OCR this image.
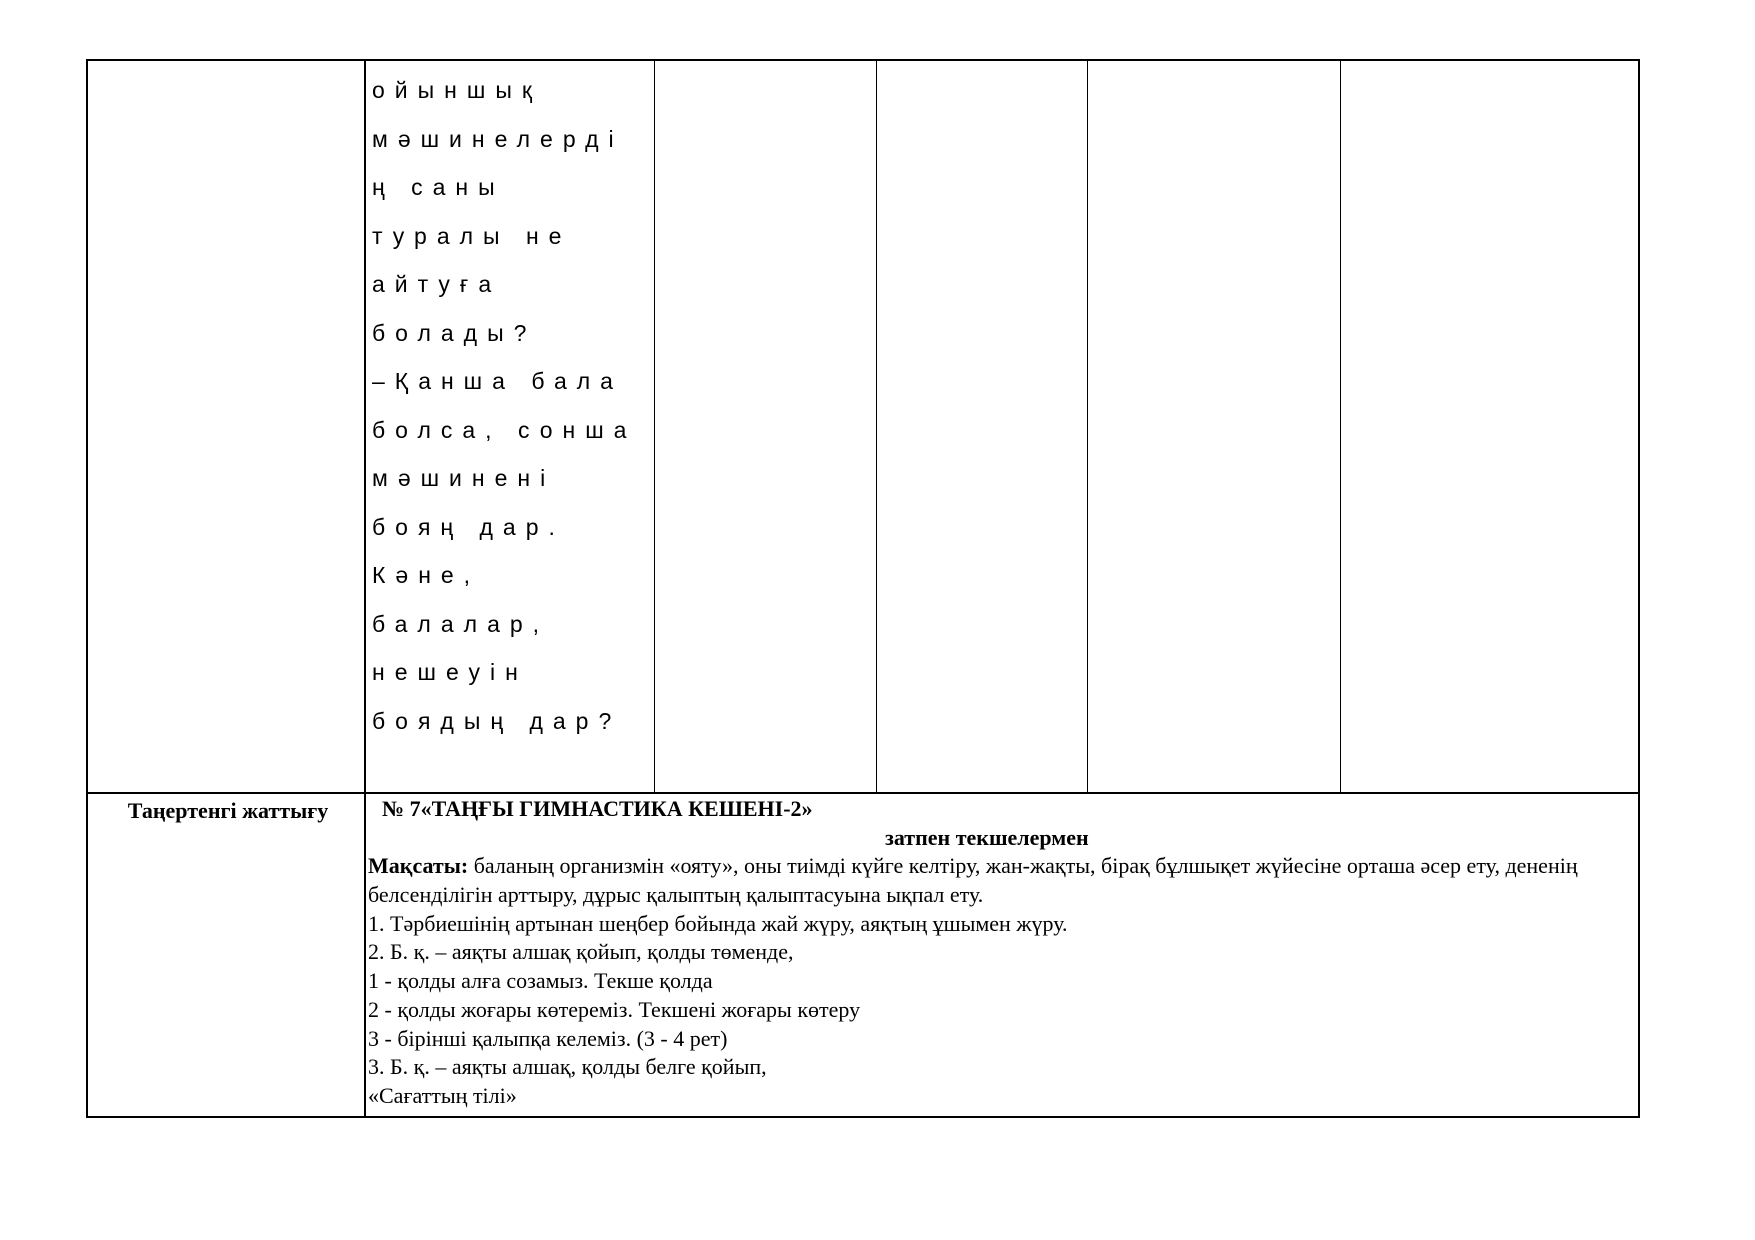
ойыншық
мәшинелерді
ң саны
туралы не
айтуға
болады?
–Қанша бала
болса, сонша
мәшинені
бояң дар.
Кәне,
балалар,
нешеуін
боядың дар?
Таңертенгі жаттығу	№ 7«ТАҢҒЫ ГИМНАСТИКА КЕШЕНІ-2»
затпен текшелермен
Мақсаты: баланың организмін «ояту», оны тиімді күйге келтіру, жан-жақты, бірақ бұлшықет жүйесіне орташа әсер ету, дененің белсенділігін арттыру, дұрыс қалыптың қалыптасуына ықпал ету.
1. Тәрбиешінің артынан шеңбер бойында жай жүру, аяқтың ұшымен жүру.
2. Б. қ. – аяқты алшақ қойып, қолды төменде,
1 - қолды алға созамыз. Текше қолда
2 - қолды жоғары көтереміз. Текшені жоғары көтеру
3 - бірінші қалыпқа келеміз. (3 - 4 рет)
3. Б. қ. – аяқты алшақ, қолды белге қойып,
«Сағаттың тілі»
